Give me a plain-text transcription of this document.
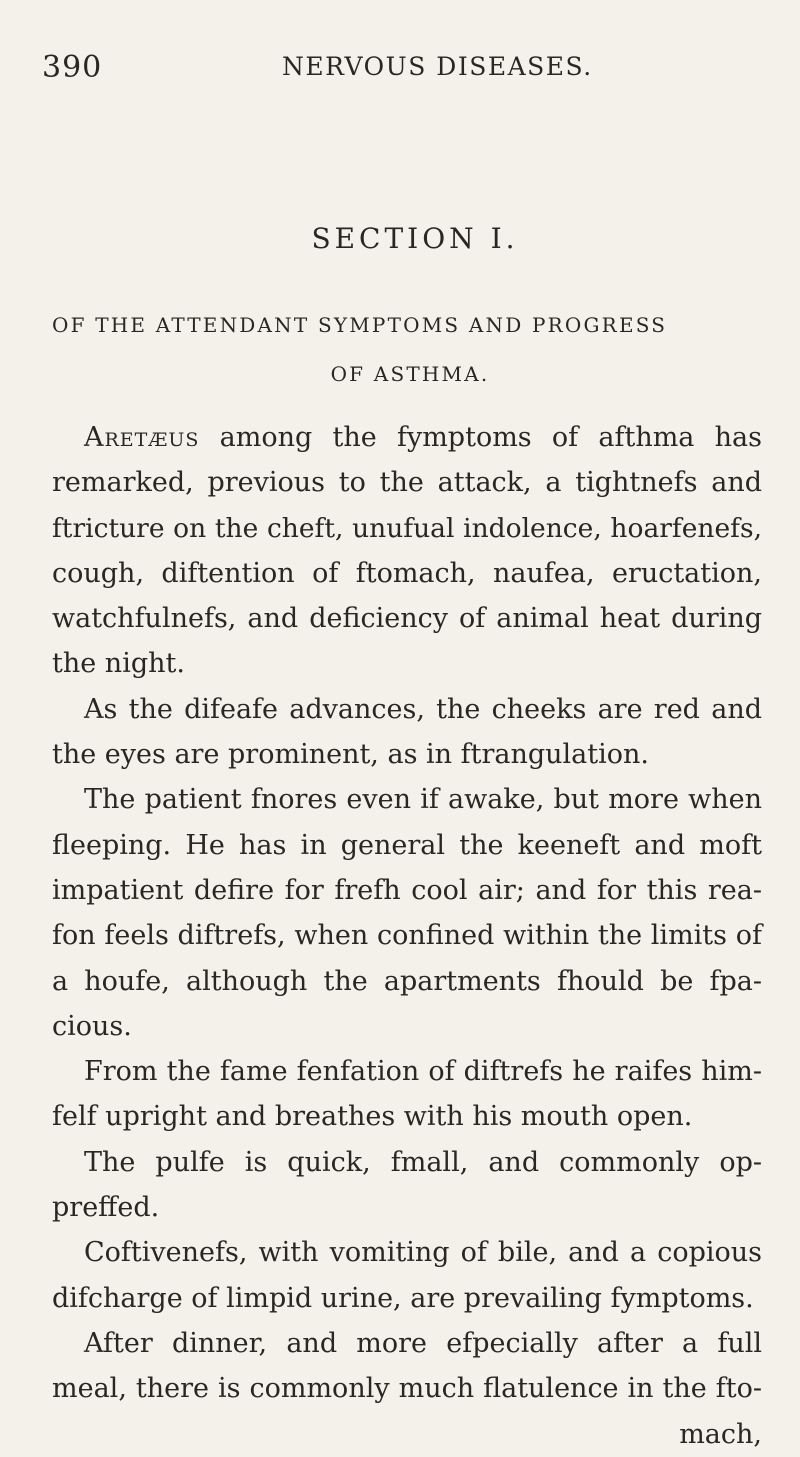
390	NERVOUS DISEASES.
SECTION I.
OF THE ATTENDANT SYMPTOMS AND PROGRESS
OF ASTHMA.
Aretæus among the fymptoms of afthma has
remarked, previous to the attack, a tightnefs and
ftricture on the cheft, unufual indolence, hoarfenefs,
cough, diftention of ftomach, naufea, eructation,
watchfulnefs, and deficiency of animal heat during
the night.
As the difeafe advances, the cheeks are red and
the eyes are prominent, as in ftrangulation.
The patient fnores even if awake, but more when
fleeping. He has in general the keeneft and moft
impatient defire for frefh cool air; and for this rea-
fon feels diftrefs, when confined within the limits of
a houfe, although the apartments fhould be fpa-
cious.
From the fame fenfation of diftrefs he raifes him-
felf upright and breathes with his mouth open.
The pulfe is quick, fmall, and commonly op-
preffed.
Coftivenefs, with vomiting of bile, and a copious
difcharge of limpid urine, are prevailing fymptoms.
After dinner, and more efpecially after a full
meal, there is commonly much flatulence in the fto-
mach,
